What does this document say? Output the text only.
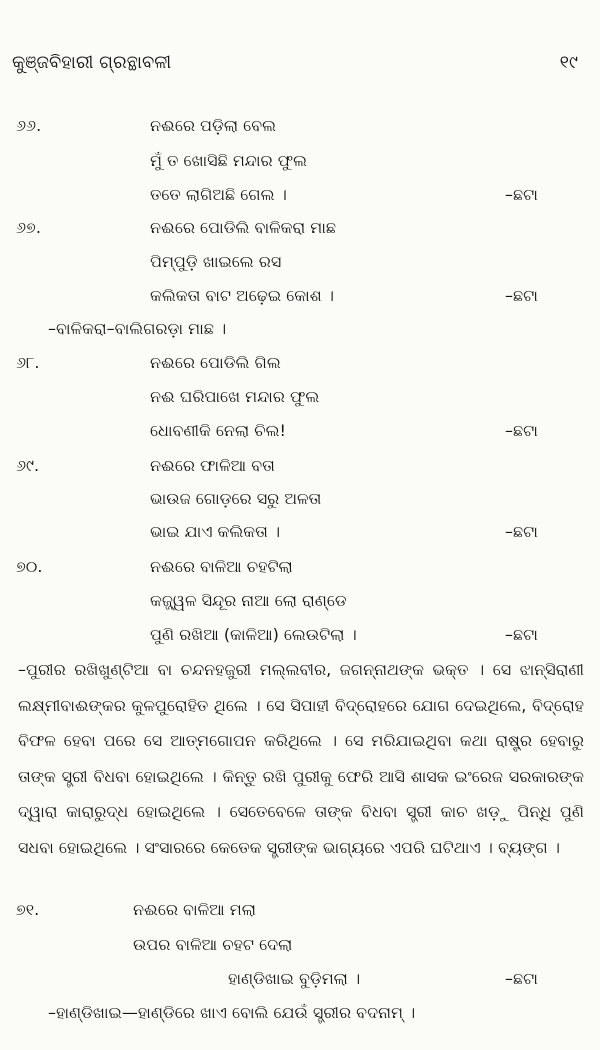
କୁଞ୍ଜବିହାରୀ ଗ୍ରନ୍ଥାବଳୀ	୧୯
୬୬.	ନଈରେ ପଡ଼ିଲା ବେଲ
ମୁଁ ତ ଖୋସିଛି ମନ୍ଦାର ଫୁଲ
ତତେ ଲାଗିଅଛି ଗେଲ ।	–ଛଟା
୬୭.	ନଈରେ ପୋଡିଲି ବାଳିକରା ମାଛ
ପିମ୍ପୁଡ଼ି ଖାଇଲେ ରସ
କଲିକତା ବାଟ ଅଢ଼େଇ କୋଶ ।	–ଛଟା
–ବାଳିକରା–ବାଲିଗରଡ଼ା ମାଛ ।
୬୮.	ନଈରେ ପୋଡିଲି ଗିଲ
ନଈ ଘରିପାଖେ ମନ୍ଦାର ଫୁଲ
ଧୋବଣୀକି ନେଲା ଚିଲ!	–ଛଟା
୬୯.	ନଈରେ ଫାଳିଆ ବତା
ଭାଉଜ ଗୋଡ଼ରେ ସରୁ ଅଳତା
ଭାଇ ଯାଏ କଲିକତା ।	–ଛଟା
୭୦.	ନଈରେ ବାଳିଆ ଚହଟିଲା
କଜ୍ଜ୍ୱଳ ସିନ୍ଦୂର ନାଆ ଲୋ ରାଣ୍ଡେ
ପୁଣି ରଖିଆ (କାଳିଆ) ଲେଉଟିଲା ।	–ଛଟା
–ପୁରୀର ରଖିଖୁଣ୍ଟିଆ ବା ଚନ୍ଦନହଜୁରୀ ମଲ୍ଲବୀର, ଜଗନ୍ନାଥଙ୍କ ଭକ୍ତ । ସେ ଝାନ୍‌ସିରାଣୀ ଲକ୍ଷ୍ମୀବାଈଙ୍କର କୁଳପୁରୋହିତ ଥିଲେ । ସେ ସିପାହୀ ବିଦ୍ରୋହରେ ଯୋଗ ଦେଇଥିଲେ, ବିଦ୍ରୋହ ବିଫଳ ହେବା ପରେ ସେ ଆତ୍ମଗୋପନ କରିଥିଲେ । ସେ ମରିଯାଇଥିବା କଥା ରାଷ୍ଟ୍ର ହେବାରୁ ତାଙ୍କ ସ୍ତ୍ରୀ ବିଧବା ହୋଇଥିଲେ । କିନ୍ତୁ ରଖି ପୁରୀକୁ ଫେରି ଆସି ଶାସକ ଇଂରେଜ ସରକାରଙ୍କ ଦ୍ୱାରା କାରାରୁଦ୍ଧ ହୋଇଥିଲେ । ସେତେବେଳେ ତାଙ୍କ ବିଧବା ସ୍ତ୍ରୀ କାଚ ଖଡ଼ୁ ପିନ୍ଧି ପୁଣି ସଧବା ହୋଇଥିଲେ । ସଂସାରରେ କେତେକ ସ୍ତ୍ରୀଙ୍କ ଭାଗ୍ୟରେ ଏପରି ଘଟିଥାଏ । ବ୍ୟଙ୍ଗ ।
୭୧.	ନଈରେ ବାଳିଆ ମଲା
ଉପର ବାଳିଆ ଚହଟ ଦେଲା
ହାଣ୍ଡିଖାଇ ବୁଡ଼ିମଲା ।	–ଛଟା
–ହାଣ୍ଡିଖାଇ—ହାଣ୍ଡିରେ ଖାଏ ବୋଲି ଯେଉଁ ସ୍ତ୍ରୀର ବଦନାମ୍ ।
